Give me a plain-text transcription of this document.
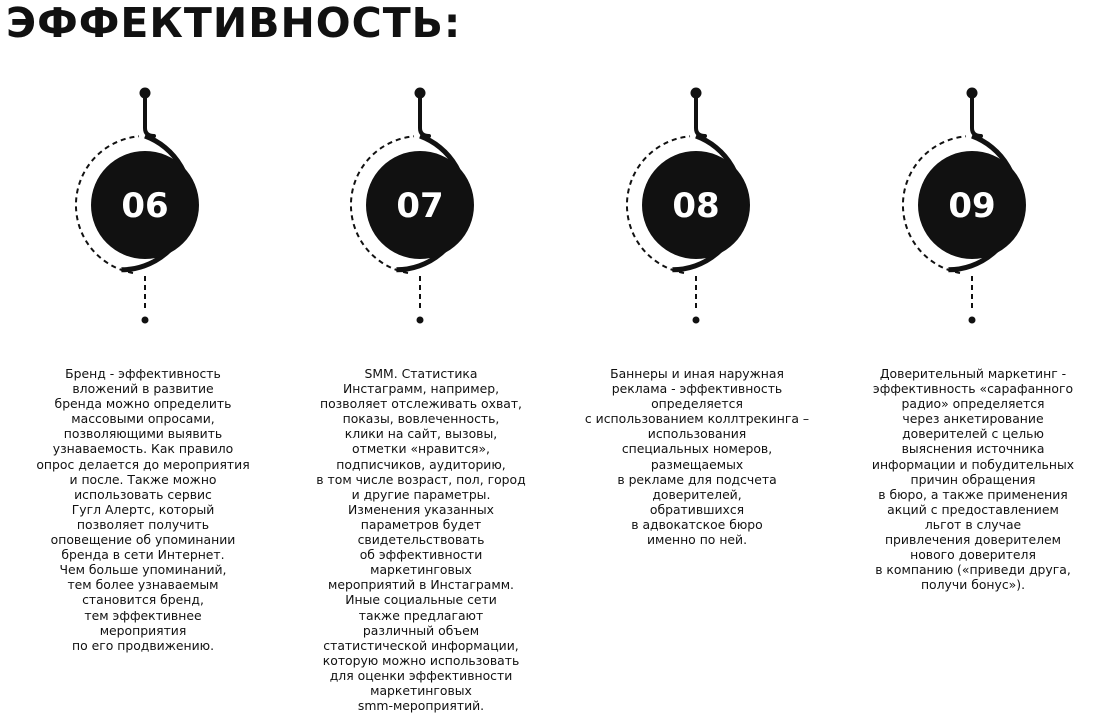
ЭФФЕКТИВНОСТЬ:
06	07	08	09
Бренд - эффективность
вложений в развитие
бренда можно определить
массовыми опросами,
позволяющими выявить
узнаваемость. Как правило
опрос делается до мероприятия
и после. Также можно
использовать сервис
Гугл Алертс, который
позволяет получить
оповещение об упоминании
бренда в сети Интернет.
Чем больше упоминаний,
тем более узнаваемым
становится бренд,
тем эффективнее
мероприятия
по его продвижению.
SMM. Статистика
Инстаграмм, например,
позволяет отслеживать охват,
показы, вовлеченность,
клики на сайт, вызовы,
отметки «нравится»,
подписчиков, аудиторию,
в том числе возраст, пол, город
и другие параметры.
Изменения указанных
параметров будет
свидетельствовать
об эффективности
маркетинговых
мероприятий в Инстаграмм.
Иные социальные сети
также предлагают
различный объем
статистической информации,
которую можно использовать
для оценки эффективности
маркетинговых
smm-мероприятий.
Баннеры и иная наружная
реклама - эффективность
определяется
с использованием коллтрекинга –
использования
специальных номеров,
размещаемых
в рекламе для подсчета
доверителей,
обратившихся
в адвокатское бюро
именно по ней.
Доверительный маркетинг -
эффективность «сарафанного
радио» определяется
через анкетирование
доверителей с целью
выяснения источника
информации и побудительных
причин обращения
в бюро, а также применения
акций с предоставлением
льгот в случае
привлечения доверителем
нового доверителя
в компанию («приведи друга,
получи бонус»).
